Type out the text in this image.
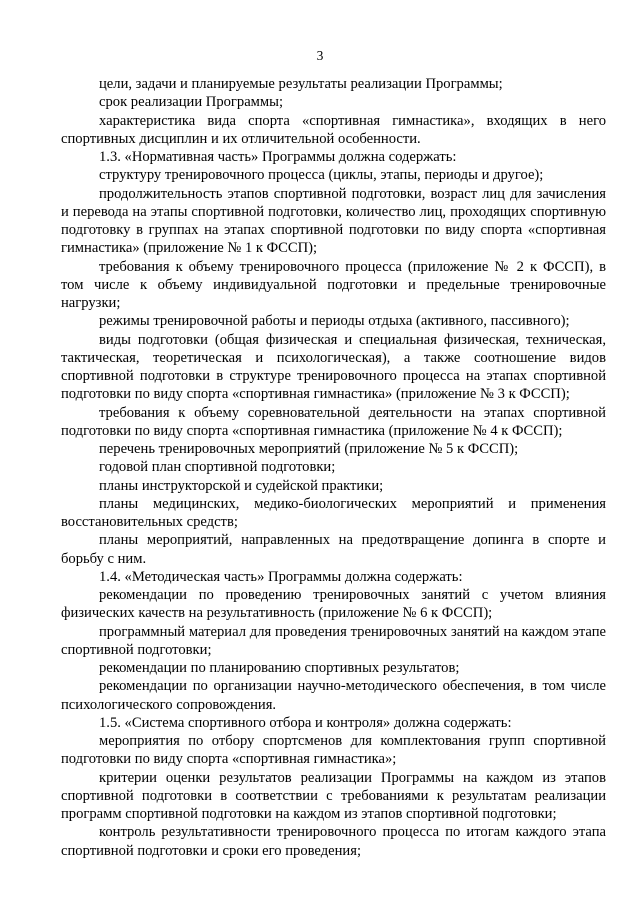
3

цели, задачи и планируемые результаты реализации Программы;

срок реализации Программы;

характеристика вида спорта «спортивная гимнастика», входящих в него спортивных дисциплин и их отличительной особенности.

1.3. «Нормативная часть» Программы должна содержать:

структуру тренировочного процесса (циклы, этапы, периоды и другое);

продолжительность этапов спортивной подготовки, возраст лиц для зачисления и перевода на этапы спортивной подготовки, количество лиц, проходящих спортивную подготовку в группах на этапах спортивной подготовки по виду спорта «спортивная гимнастика» (приложение № 1 к ФССП);

требования к объему тренировочного процесса (приложение № 2 к ФССП), в том числе к объему индивидуальной подготовки и предельные тренировочные нагрузки;

режимы тренировочной работы и периоды отдыха (активного, пассивного);

виды подготовки (общая физическая и специальная физическая, техническая, тактическая, теоретическая и психологическая), а также соотношение видов спортивной подготовки в структуре тренировочного процесса на этапах спортивной подготовки по виду спорта «спортивная гимнастика» (приложение № 3 к ФССП);

требования к объему соревновательной деятельности на этапах спортивной подготовки по виду спорта «спортивная гимнастика (приложение № 4 к ФССП);

перечень тренировочных мероприятий (приложение № 5 к ФССП);

годовой план спортивной подготовки;

планы инструкторской и судейской практики;

планы медицинских, медико-биологических мероприятий и применения восстановительных средств;

планы мероприятий, направленных на предотвращение допинга в спорте и борьбу с ним.

1.4. «Методическая часть» Программы должна содержать:

рекомендации по проведению тренировочных занятий с учетом влияния физических качеств на результативность (приложение № 6 к ФССП);

программный материал для проведения тренировочных занятий на каждом этапе спортивной подготовки;

рекомендации по планированию спортивных результатов;

рекомендации по организации научно-методического обеспечения, в том числе психологического сопровождения.

1.5. «Система спортивного отбора и контроля» должна содержать:

мероприятия по отбору спортсменов для комплектования групп спортивной подготовки по виду спорта «спортивная гимнастика»;

критерии оценки результатов реализации Программы на каждом из этапов спортивной подготовки в соответствии с требованиями к результатам реализации программ спортивной подготовки на каждом из этапов спортивной подготовки;

контроль результативности тренировочного процесса по итогам каждого этапа спортивной подготовки и сроки его проведения;
